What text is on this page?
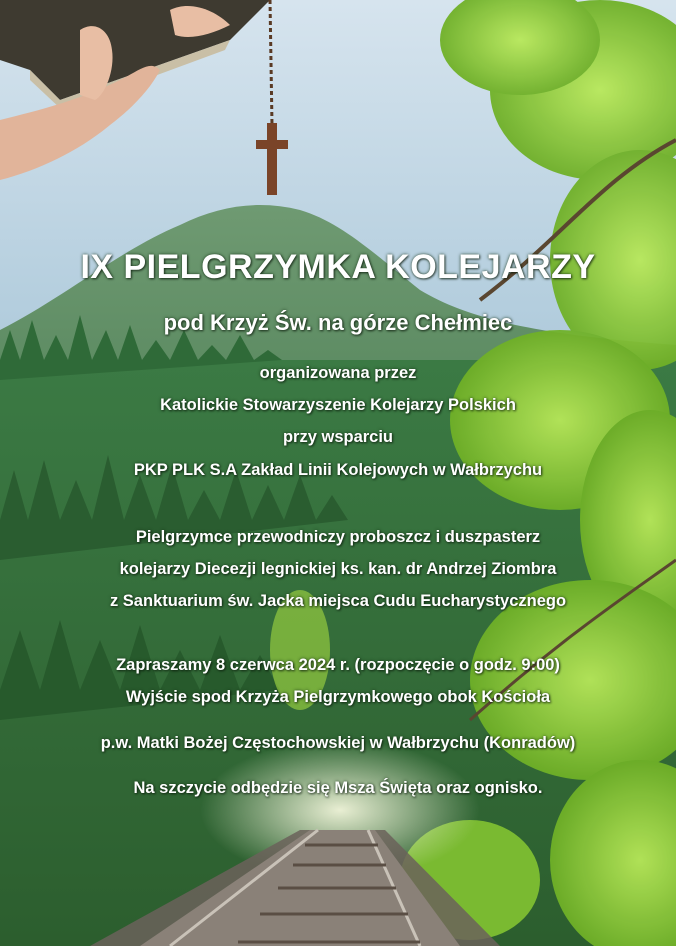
IX PIELGRZYMKA KOLEJARZY
pod Krzyż Św. na górze Chełmiec
organizowana przez
Katolickie Stowarzyszenie Kolejarzy Polskich
przy wsparciu
PKP PLK S.A Zakład Linii Kolejowych w Wałbrzychu
Pielgrzymce przewodniczy proboszcz i duszpasterz
kolejarzy Diecezji legnickiej ks. kan. dr Andrzej Ziombra
z Sanktuarium św. Jacka miejsca Cudu Eucharystycznego
Zapraszamy 8 czerwca 2024 r. (rozpoczęcie o godz. 9:00)
Wyjście spod Krzyża Pielgrzymkowego obok Kościoła
p.w. Matki Bożej Częstochowskiej w Wałbrzychu (Konradów)
Na szczycie odbędzie się Msza Święta oraz ognisko.
